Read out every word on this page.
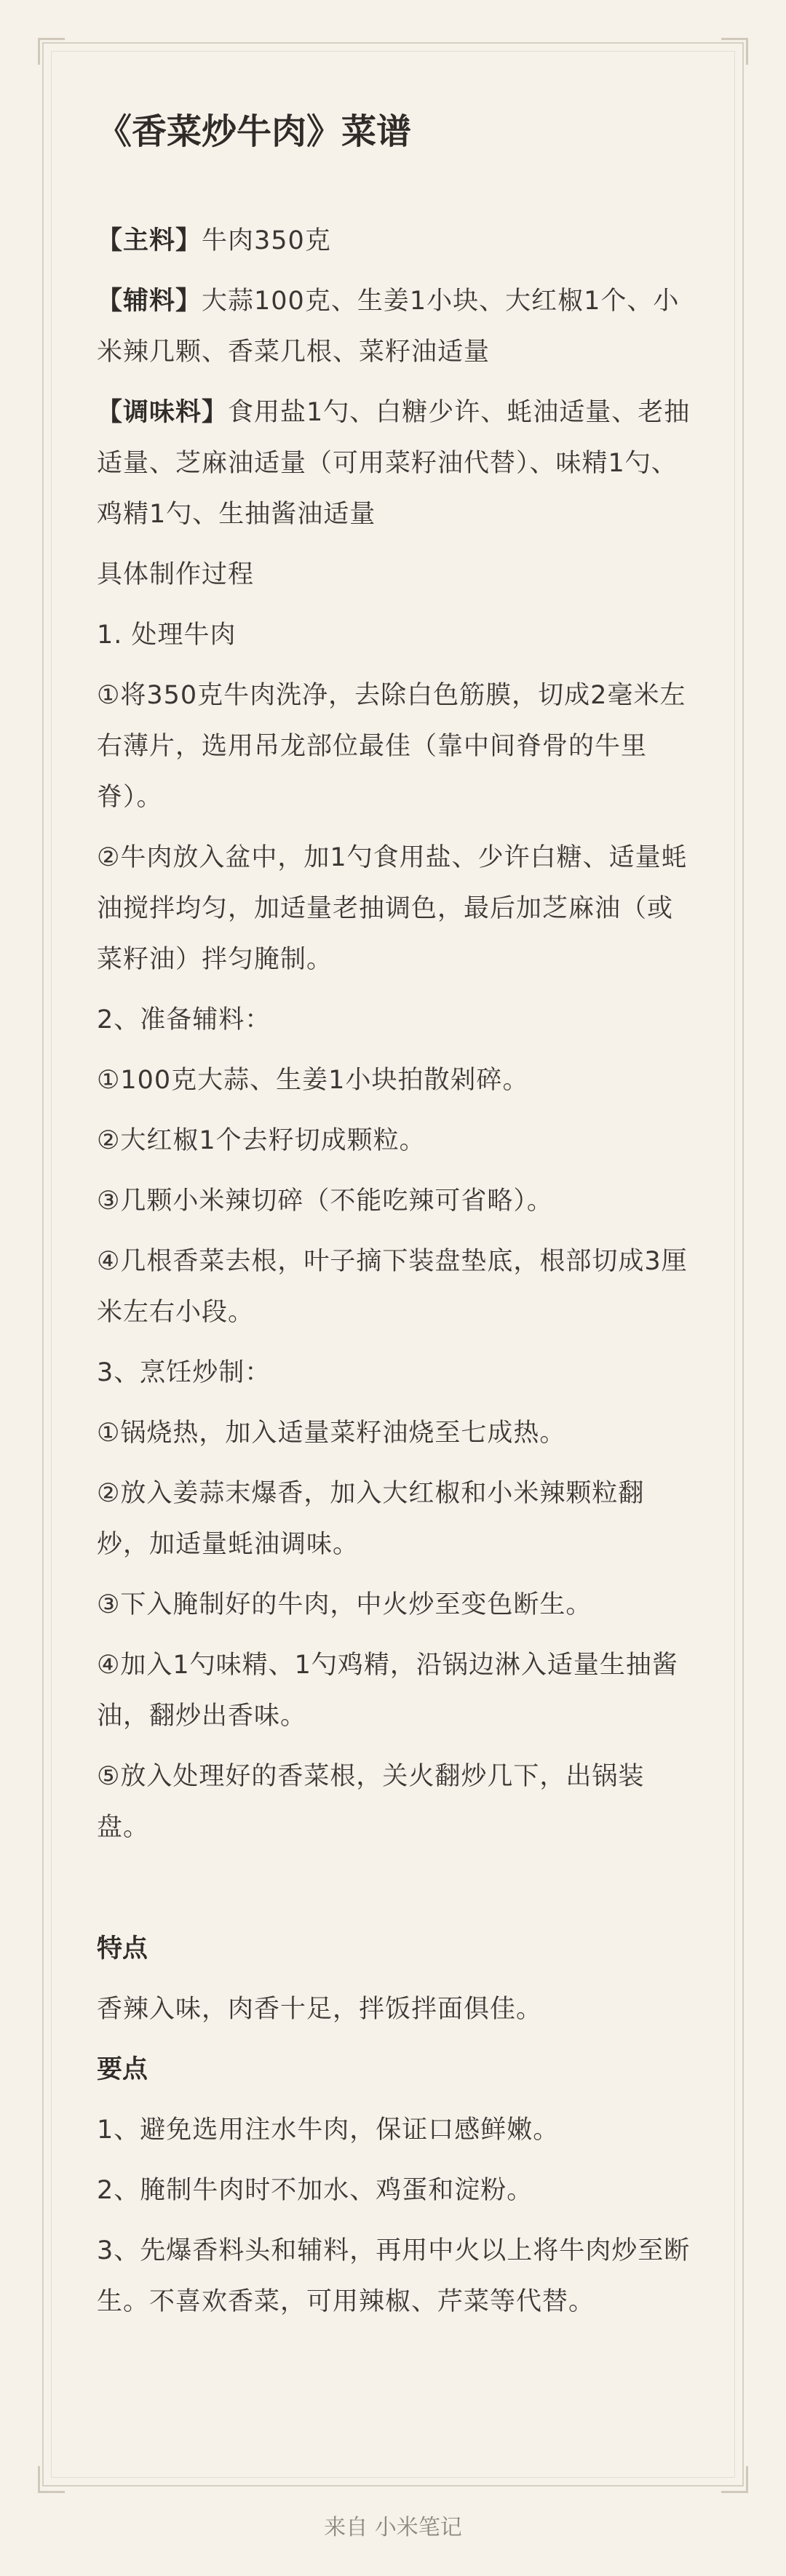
《香菜炒牛肉》菜谱
【主料】牛肉350克
【辅料】大蒜100克、生姜1小块、大红椒1个、小米辣几颗、香菜几根、菜籽油适量
【调味料】食用盐1勺、白糖少许、蚝油适量、老抽适量、芝麻油适量（可用菜籽油代替）、味精1勺、鸡精1勺、生抽酱油适量
具体制作过程
1. 处理牛肉
①将350克牛肉洗净，去除白色筋膜，切成2毫米左右薄片，选用吊龙部位最佳（靠中间脊骨的牛里脊）。
②牛肉放入盆中，加1勺食用盐、少许白糖、适量蚝油搅拌均匀，加适量老抽调色，最后加芝麻油（或菜籽油）拌匀腌制。
2、准备辅料：
①100克大蒜、生姜1小块拍散剁碎。
②大红椒1个去籽切成颗粒。
③几颗小米辣切碎（不能吃辣可省略）。
④几根香菜去根，叶子摘下装盘垫底，根部切成3厘米左右小段。
3、烹饪炒制：
①锅烧热，加入适量菜籽油烧至七成热。
②放入姜蒜末爆香，加入大红椒和小米辣颗粒翻炒，加适量蚝油调味。
③下入腌制好的牛肉，中火炒至变色断生。
④加入1勺味精、1勺鸡精，沿锅边淋入适量生抽酱油，翻炒出香味。
⑤放入处理好的香菜根，关火翻炒几下，出锅装盘。
特点
香辣入味，肉香十足，拌饭拌面俱佳。
要点
1、避免选用注水牛肉，保证口感鲜嫩。
2、腌制牛肉时不加水、鸡蛋和淀粉。
3、先爆香料头和辅料，再用中火以上将牛肉炒至断生。不喜欢香菜，可用辣椒、芹菜等代替。
来自 小米笔记
